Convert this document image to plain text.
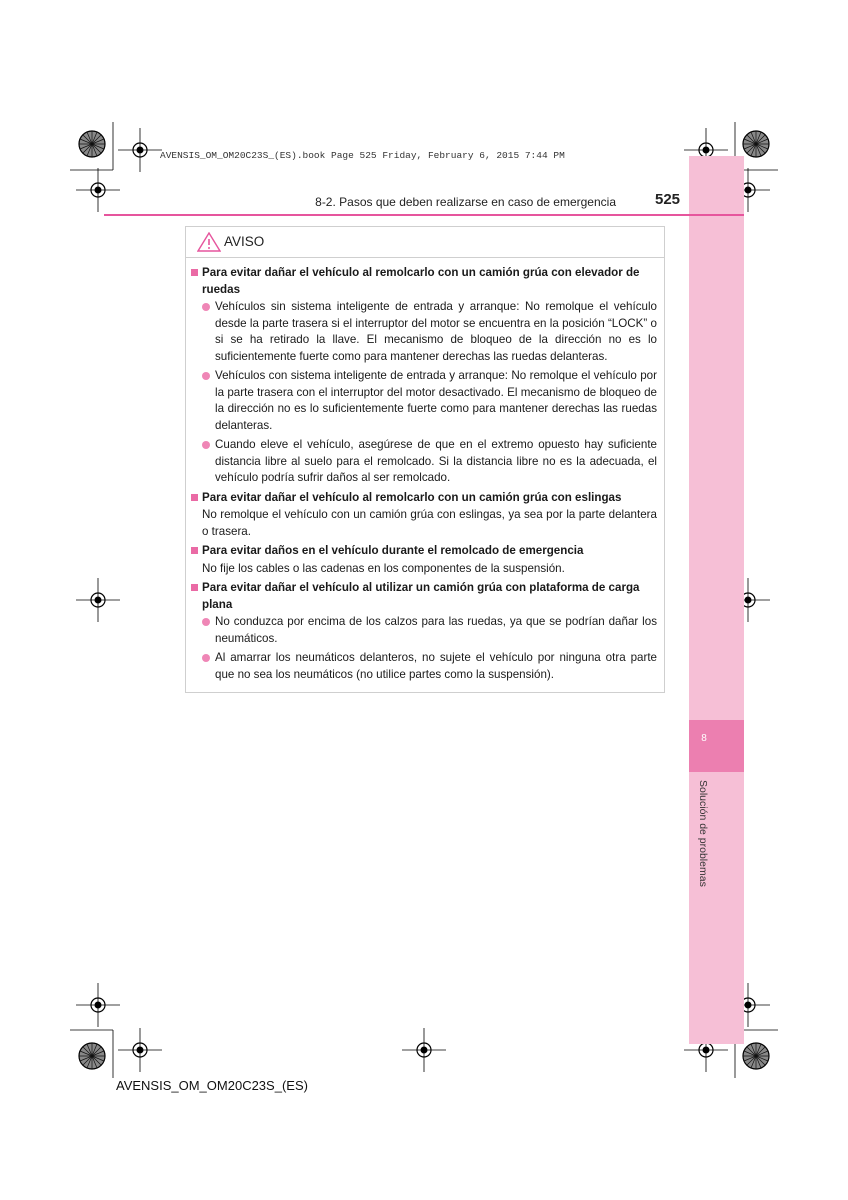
8
Solución de problemas
AVENSIS_OM_OM20C23S_(ES).book Page 525 Friday, February 6, 2015 7:44 PM
8-2. Pasos que deben realizarse en caso de emergencia	525
AVISO
Para evitar dañar el vehículo al remolcarlo con un camión grúa con elevador de ruedas
Vehículos sin sistema inteligente de entrada y arranque: No remolque el vehículo desde la parte trasera si el interruptor del motor se encuentra en la posición “LOCK” o si se ha retirado la llave. El mecanismo de bloqueo de la dirección no es lo suficientemente fuerte como para mantener derechas las ruedas delanteras.
Vehículos con sistema inteligente de entrada y arranque: No remolque el vehículo por la parte trasera con el interruptor del motor desactivado. El mecanismo de bloqueo de la dirección no es lo suficientemente fuerte como para mantener derechas las ruedas delanteras.
Cuando eleve el vehículo, asegúrese de que en el extremo opuesto hay suficiente distancia libre al suelo para el remolcado. Si la distancia libre no es la adecuada, el vehículo podría sufrir daños al ser remolcado.
Para evitar dañar el vehículo al remolcarlo con un camión grúa con eslingas
No remolque el vehículo con un camión grúa con eslingas, ya sea por la parte delantera o trasera.
Para evitar daños en el vehículo durante el remolcado de emergencia
No fije los cables o las cadenas en los componentes de la suspensión.
Para evitar dañar el vehículo al utilizar un camión grúa con plataforma de carga plana
No conduzca por encima de los calzos para las ruedas, ya que se podrían dañar los neumáticos.
Al amarrar los neumáticos delanteros, no sujete el vehículo por ninguna otra parte que no sea los neumáticos (no utilice partes como la suspensión).
AVENSIS_OM_OM20C23S_(ES)
